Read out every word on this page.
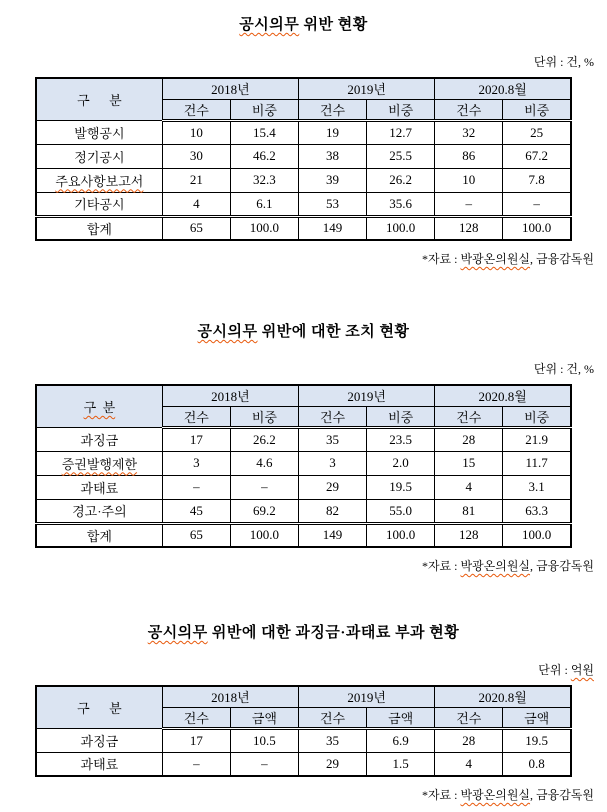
공시의무 위반 현황
단위 : 건, %
구      분	2018년		2019년		2020.8월	
	건수	비중	건수	비중	건수	비중
발행공시	10	15.4	19	12.7	32	25
정기공시	30	46.2	38	25.5	86	67.2
주요사항보고서	21	32.3	39	26.2	10	7.8
기타공시	4	6.1	53	35.6	–	–
합계	65	100.0	149	100.0	128	100.0
*자료 : 박광온의원실, 금융감독원
공시의무 위반에 대한 조치 현황
단위 : 건, %
구  분	2018년		2019년		2020.8월	
	건수	비중	건수	비중	건수	비중
과징금	17	26.2	35	23.5	28	21.9
증권발행제한	3	4.6	3	2.0	15	11.7
과태료	–	–	29	19.5	4	3.1
경고·주의	45	69.2	82	55.0	81	63.3
합계	65	100.0	149	100.0	128	100.0
*자료 : 박광온의원실, 금융감독원
공시의무 위반에 대한 과징금·과태료 부과 현황
단위 : 억원
구      분	2018년		2019년		2020.8월	
	건수	금액	건수	금액	건수	금액
과징금	17	10.5	35	6.9	28	19.5
과태료	–	–	29	1.5	4	0.8
*자료 : 박광온의원실, 금융감독원
